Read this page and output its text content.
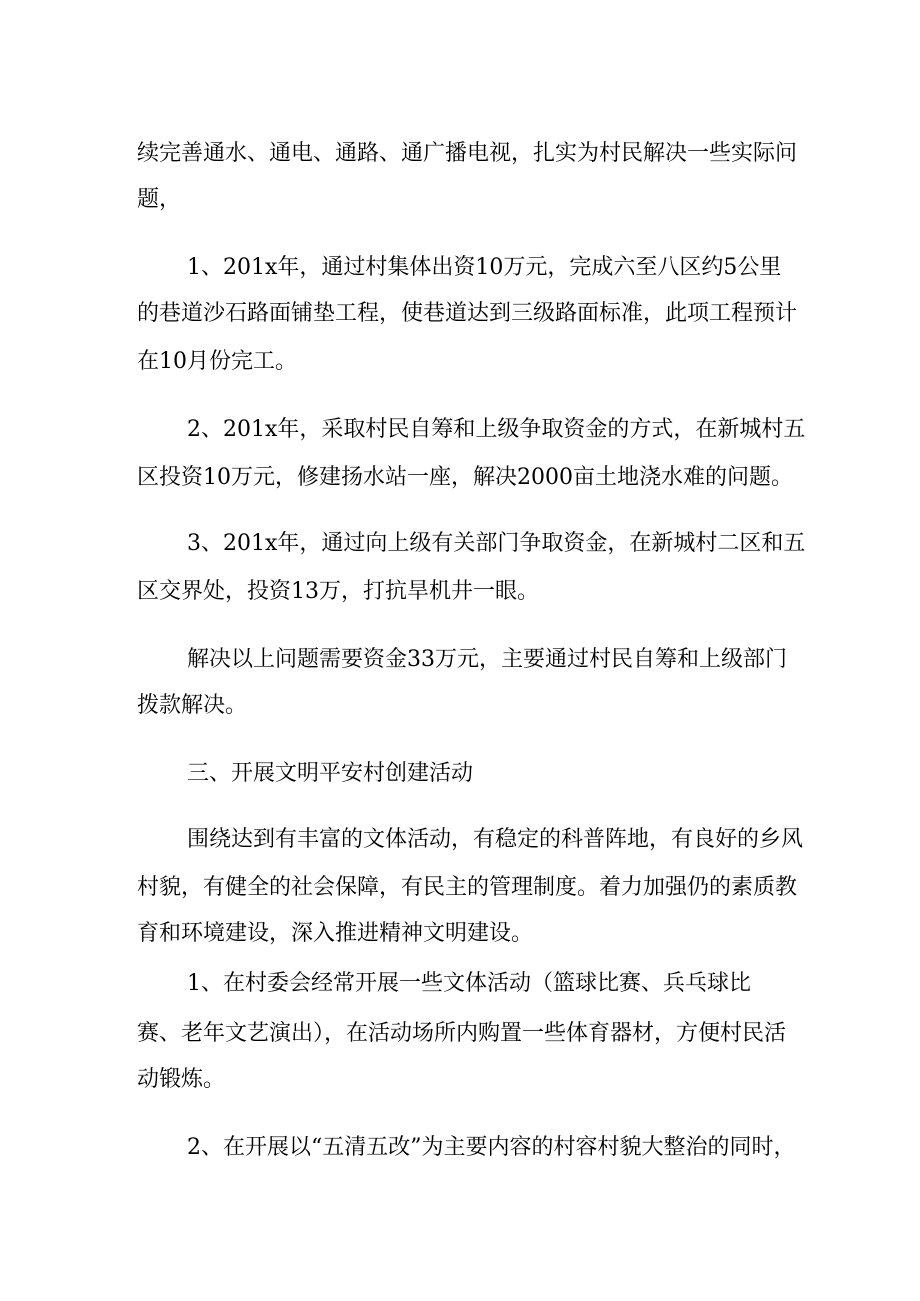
续完善通水、通电、通路、通广播电视，扎实为村民解决一些实际问
题，
1、201x年，通过村集体出资10万元，完成六至八区约5公里
的巷道沙石路面铺垫工程，使巷道达到三级路面标准，此项工程预计
在10月份完工。
2、201x年，采取村民自筹和上级争取资金的方式，在新城村五
区投资10万元，修建扬水站一座，解决2000亩土地浇水难的问题。
3、201x年，通过向上级有关部门争取资金，在新城村二区和五
区交界处，投资13万，打抗旱机井一眼。
解决以上问题需要资金33万元，主要通过村民自筹和上级部门
拨款解决。
三、开展文明平安村创建活动
围绕达到有丰富的文体活动，有稳定的科普阵地，有良好的乡风
村貌，有健全的社会保障，有民主的管理制度。着力加强仍的素质教
育和环境建设，深入推进精神文明建设。
1、在村委会经常开展一些文体活动（篮球比赛、兵乓球比
赛、老年文艺演出），在活动场所内购置一些体育器材，方便村民活
动锻炼。
2、在开展以“五清五改”为主要内容的村容村貌大整治的同时，
